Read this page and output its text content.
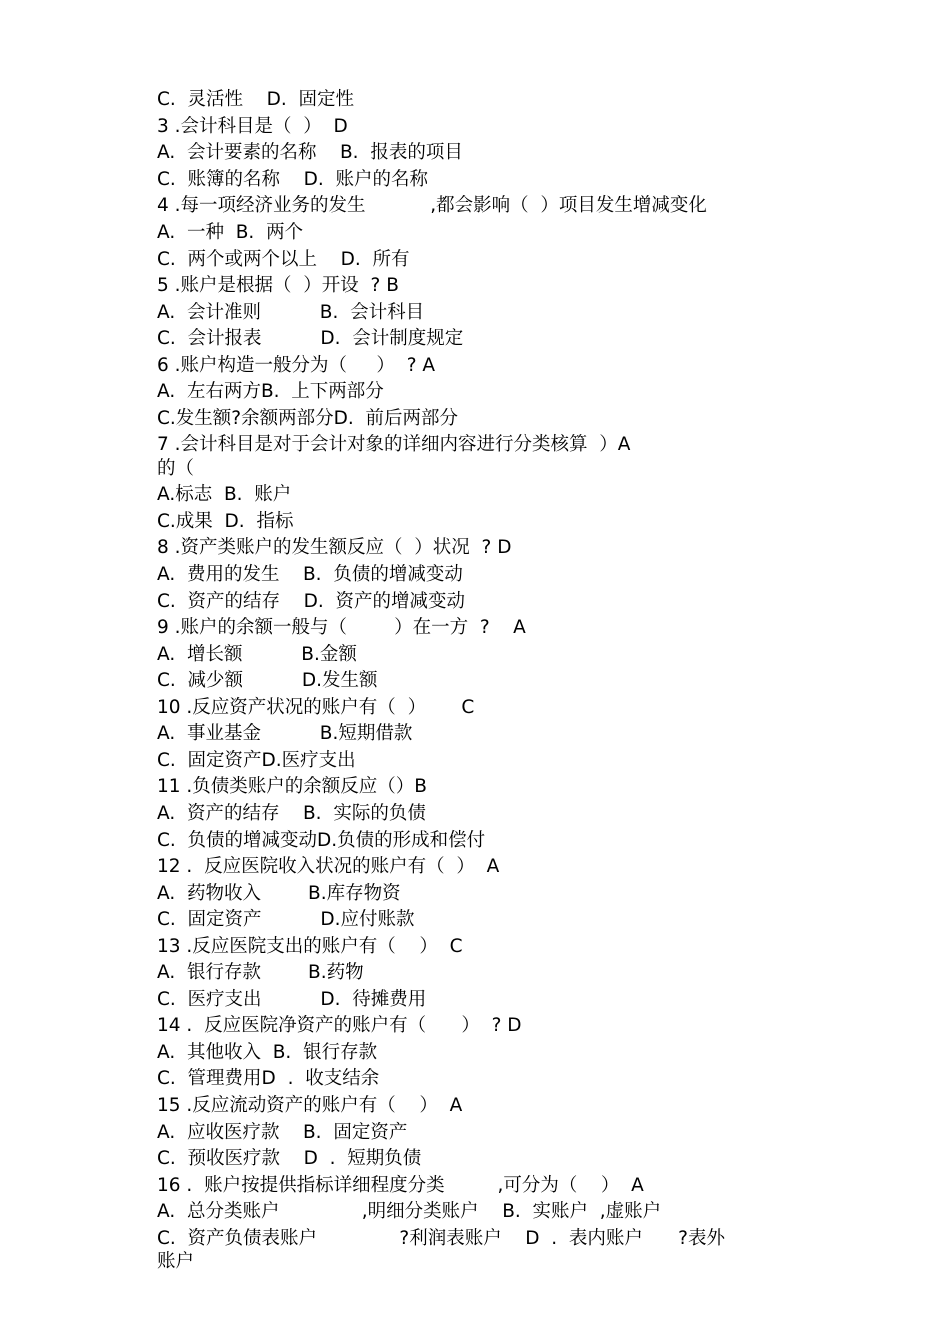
C.  灵活性    D.  固定性
3 .会计科目是（  ）  D
A.  会计要素的名称    B.  报表的项目
C.  账簿的名称    D.  账户的名称
4 .每一项经济业务的发生           ,都会影响（  ）项目发生增减变化
A.  一种  B.  两个
C.  两个或两个以上    D.  所有
5 .账户是根据（  ）开设  ? B
A.  会计准则          B.  会计科目
C.  会计报表          D.  会计制度规定
6 .账户构造一般分为（     ）  ? A
A.  左右两方B.  上下两部分
C.发生额?余额两部分D.  前后两部分
7 .会计科目是对于会计对象的详细内容进行分类核算  ）A
的（
A.标志  B.  账户
C.成果  D.  指标
8 .资产类账户的发生额反应（  ）状况  ? D
A.  费用的发生    B.  负债的增减变动
C.  资产的结存    D.  资产的增减变动
9 .账户的余额一般与（        ）在一方  ?    A
A.  增长额          B.金额
C.  减少额          D.发生额
10 .反应资产状况的账户有（  ）      C
A.  事业基金          B.短期借款
C.  固定资产D.医疗支出
11 .负债类账户的余额反应（）B
A.  资产的结存    B.  实际的负债
C.  负债的增减变动D.负债的形成和偿付
12 .  反应医院收入状况的账户有（  ）  A
A.  药物收入        B.库存物资
C.  固定资产          D.应付账款
13 .反应医院支出的账户有（    ）  C
A.  银行存款        B.药物
C.  医疗支出          D.  待摊费用
14 .  反应医院净资产的账户有（      ）  ? D
A.  其他收入  B.  银行存款
C.  管理费用D  .  收支结余
15 .反应流动资产的账户有（    ）  A
A.  应收医疗款    B.  固定资产
C.  预收医疗款    D  .  短期负债
16 .  账户按提供指标详细程度分类         ,可分为（    ）  A
A.  总分类账户              ,明细分类账户    B.  实账户  ,虚账户
C.  资产负债表账户              ?利润表账户    D  .  表内账户      ?表外
账户
